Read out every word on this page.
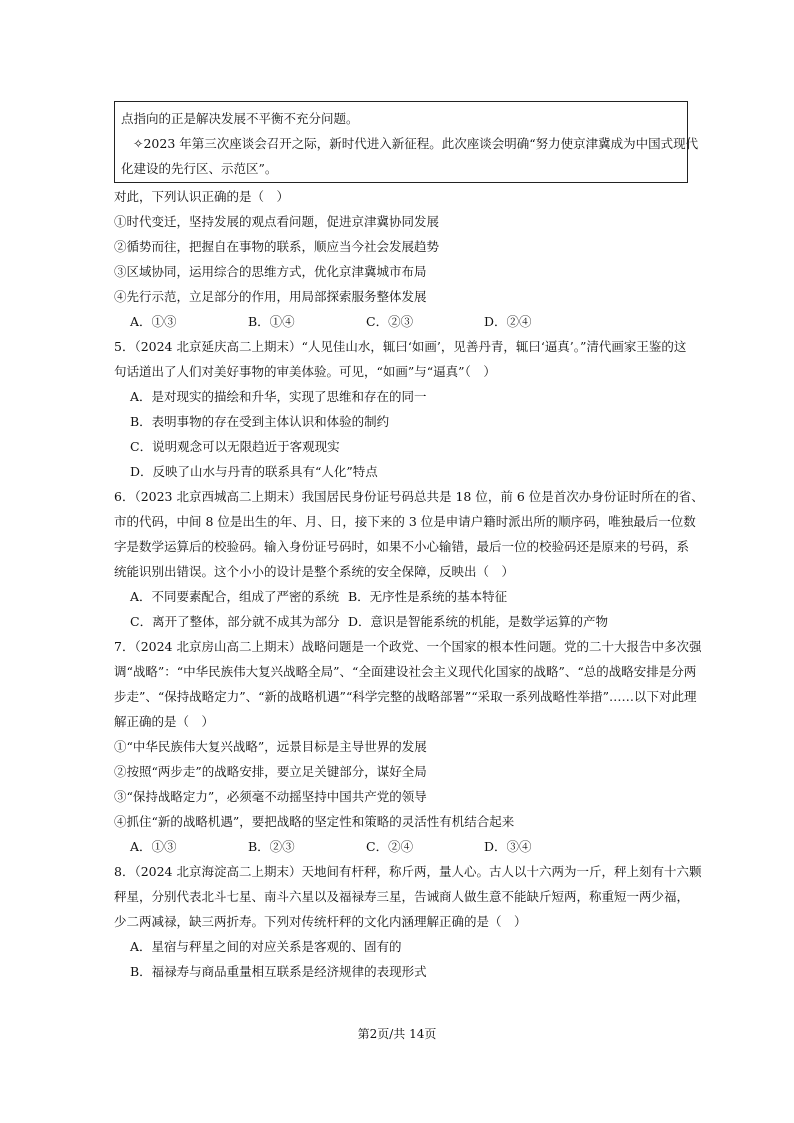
点指向的正是解决发展不平衡不充分问题。
✧2023 年第三次座谈会召开之际，新时代进入新征程。此次座谈会明确“努力使京津冀成为中国式现代
化建设的先行区、示范区”。
对此，下列认识正确的是（　）
①时代变迁，坚持发展的观点看问题，促进京津冀协同发展
②循势而往，把握自在事物的联系，顺应当今社会发展趋势
③区域协同，运用综合的思维方式，优化京津冀城市布局
④先行示范，立足部分的作用，用局部探索服务整体发展
A．①③	B．①④	C．②③	D．②④
5．（2024 北京延庆高二上期末）“人见佳山水，辄曰‘如画’，见善丹青，辄曰‘逼真’。”清代画家王鉴的这
句话道出了人们对美好事物的审美体验。可见，“如画”与“逼真”（　）
A．是对现实的描绘和升华，实现了思维和存在的同一
B．表明事物的存在受到主体认识和体验的制约
C．说明观念可以无限趋近于客观现实
D．反映了山水与丹青的联系具有“人化”特点
6．（2023 北京西城高二上期末）我国居民身份证号码总共是 18 位，前 6 位是首次办身份证时所在的省、
市的代码，中间 8 位是出生的年、月、日，接下来的 3 位是申请户籍时派出所的顺序码，唯独最后一位数
字是数学运算后的校验码。输入身份证号码时，如果不小心输错，最后一位的校验码还是原来的号码，系
统能识别出错误。这个小小的设计是整个系统的安全保障，反映出（　）
A．不同要素配合，组成了严密的系统 B．无序性是系统的基本特征
C．离开了整体，部分就不成其为部分 D．意识是智能系统的机能，是数学运算的产物
7．（2024 北京房山高二上期末）战略问题是一个政党、一个国家的根本性问题。党的二十大报告中多次强
调“战略”：“中华民族伟大复兴战略全局”、“全面建设社会主义现代化国家的战略”、“总的战略安排是分两
步走”、“保持战略定力”、“新的战略机遇”“科学完整的战略部署”“采取一系列战略性举措”……以下对此理
解正确的是（　）
①“中华民族伟大复兴战略”，远景目标是主导世界的发展
②按照“两步走”的战略安排，要立足关键部分，谋好全局
③“保持战略定力”，必须毫不动摇坚持中国共产党的领导
④抓住“新的战略机遇”，要把战略的坚定性和策略的灵活性有机结合起来
A．①③	B．②③	C．②④	D．③④
8．（2024 北京海淀高二上期末）天地间有杆秤，称斤两，量人心。古人以十六两为一斤，秤上刻有十六颗
秤星，分别代表北斗七星、南斗六星以及福禄寿三星，告诫商人做生意不能缺斤短两，称重短一两少福，
少二两减禄，缺三两折寿。下列对传统杆秤的文化内涵理解正确的是（　）
A．星宿与秤星之间的对应关系是客观的、固有的
B．福禄寿与商品重量相互联系是经济规律的表现形式
第2页/共 14页
